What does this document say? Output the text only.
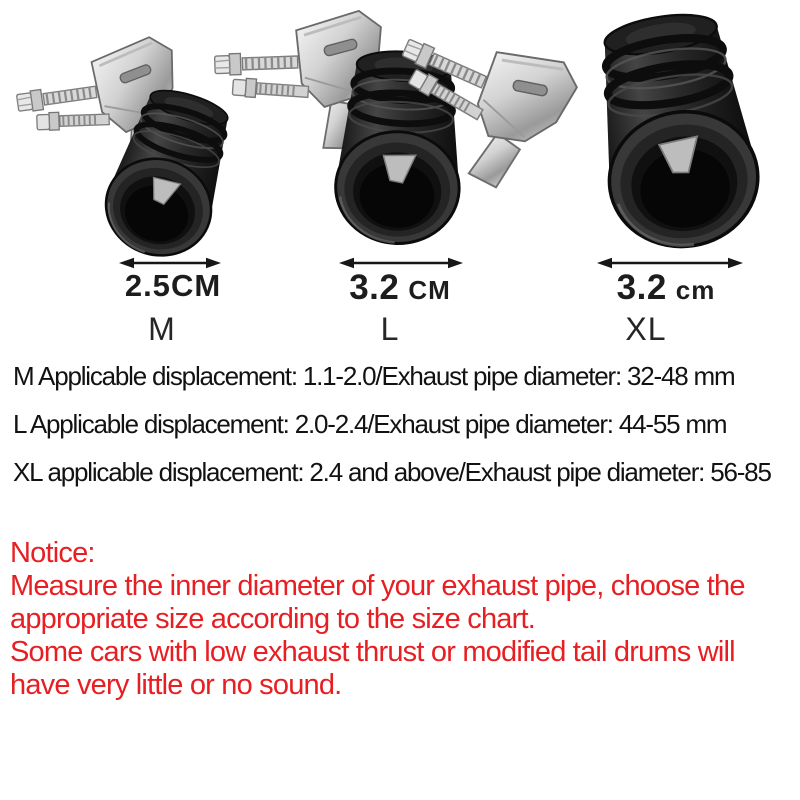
2.5CM	3.2 CM	3.2 cm
M	L	XL
M Applicable displacement: 1.1-2.0/Exhaust pipe diameter: 32-48 mm
L Applicable displacement: 2.0-2.4/Exhaust pipe diameter: 44-55 mm
XL applicable displacement: 2.4 and above/Exhaust pipe diameter: 56-85
Notice:
Measure the inner diameter of your exhaust pipe, choose the
appropriate size according to the size chart.
Some cars with low exhaust thrust or modified tail drums will
have very little or no sound.
